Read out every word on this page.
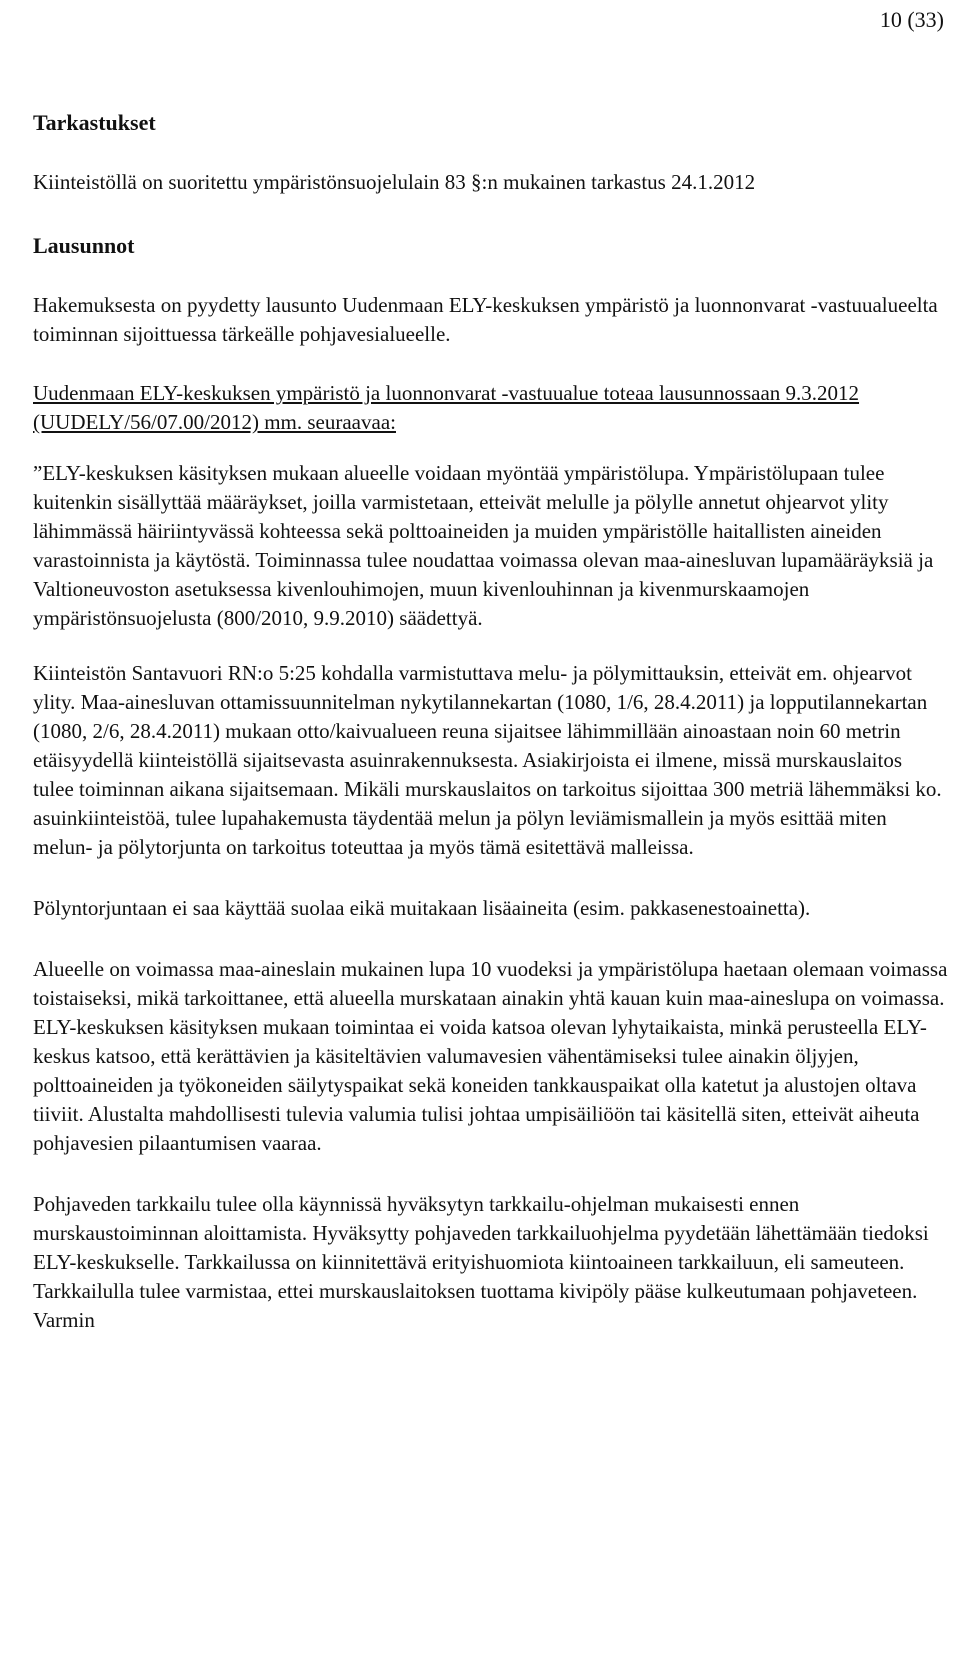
10 (33)

Tarkastukset

Kiinteistöllä on suoritettu ympäristönsuojelulain 83 §:n mukainen tarkastus 24.1.2012

Lausunnot

Hakemuksesta on pyydetty lausunto Uudenmaan ELY-keskuksen ympäristö ja luonnonvarat -vastuualueelta toiminnan sijoittuessa tärkeälle pohjavesialueelle.

Uudenmaan ELY-keskuksen ympäristö ja luonnonvarat -vastuualue toteaa lausunnossaan 9.3.2012 (UUDELY/56/07.00/2012) mm. seuraavaa:

”ELY-keskuksen käsityksen mukaan alueelle voidaan myöntää ympäristölupa. Ympäristölupaan tulee kuitenkin sisällyttää määräykset, joilla varmistetaan, etteivät melulle ja pölylle annetut ohjearvot ylity lähimmässä häiriintyvässä kohteessa sekä polttoaineiden ja muiden ympäristölle haitallisten aineiden varastoinnista ja käytöstä. Toiminnassa tulee noudattaa voimassa olevan maa-ainesluvan lupamääräyksiä ja Valtioneuvoston asetuksessa kivenlouhimojen, muun kivenlouhinnan ja kivenmurskaamojen ympäristönsuojelusta (800/2010, 9.9.2010) säädettyä.

Kiinteistön Santavuori RN:o 5:25 kohdalla varmistuttava melu- ja pölymittauksin, etteivät em. ohjearvot ylity. Maa-ainesluvan ottamissuunnitelman nykytilannekartan (1080, 1/6, 28.4.2011) ja lopputilannekartan (1080, 2/6, 28.4.2011) mukaan otto/kaivualueen reuna sijaitsee lähimmillään ainoastaan noin 60 metrin etäisyydellä kiinteistöllä sijaitsevasta asuinrakennuksesta. Asiakirjoista ei ilmene, missä murskauslaitos tulee toiminnan aikana sijaitsemaan. Mikäli murskauslaitos on tarkoitus sijoittaa 300 metriä lähemmäksi ko. asuinkiinteistöä, tulee lupahakemusta täydentää melun ja pölyn leviämismallein ja myös esittää miten melun- ja pölytorjunta on tarkoitus toteuttaa ja myös tämä esitettävä malleissa.

Pölyntorjuntaan ei saa käyttää suolaa eikä muitakaan lisäaineita (esim. pakkasenestoainetta).

Alueelle on voimassa maa-aineslain mukainen lupa 10 vuodeksi ja ympäristölupa haetaan olemaan voimassa toistaiseksi, mikä tarkoittanee, että alueella murskataan ainakin yhtä kauan kuin maa-aineslupa on voimassa. ELY-keskuksen käsityksen mukaan toimintaa ei voida katsoa olevan lyhytaikaista, minkä perusteella ELY-keskus katsoo, että kerättävien ja käsiteltävien valumavesien vähentämiseksi tulee ainakin öljyjen, polttoaineiden ja työkoneiden säilytyspaikat sekä koneiden tankkauspaikat olla katetut ja alustojen oltava tiiviit. Alustalta mahdollisesti tulevia valumia tulisi johtaa umpisäiliöön tai käsitellä siten, etteivät aiheuta pohjavesien pilaantumisen vaaraa.

Pohjaveden tarkkailu tulee olla käynnissä hyväksytyn tarkkailu-ohjelman mukaisesti ennen murskaustoiminnan aloittamista. Hyväksytty pohjaveden tarkkailuohjelma pyydetään lähettämään tiedoksi ELY-keskukselle. Tarkkailussa on kiinnitettävä erityishuomiota kiintoaineen tarkkailuun, eli sameuteen. Tarkkailulla tulee varmistaa, ettei murskauslaitoksen tuottama kivipöly pääse kulkeutumaan pohjaveteen. Varmin
